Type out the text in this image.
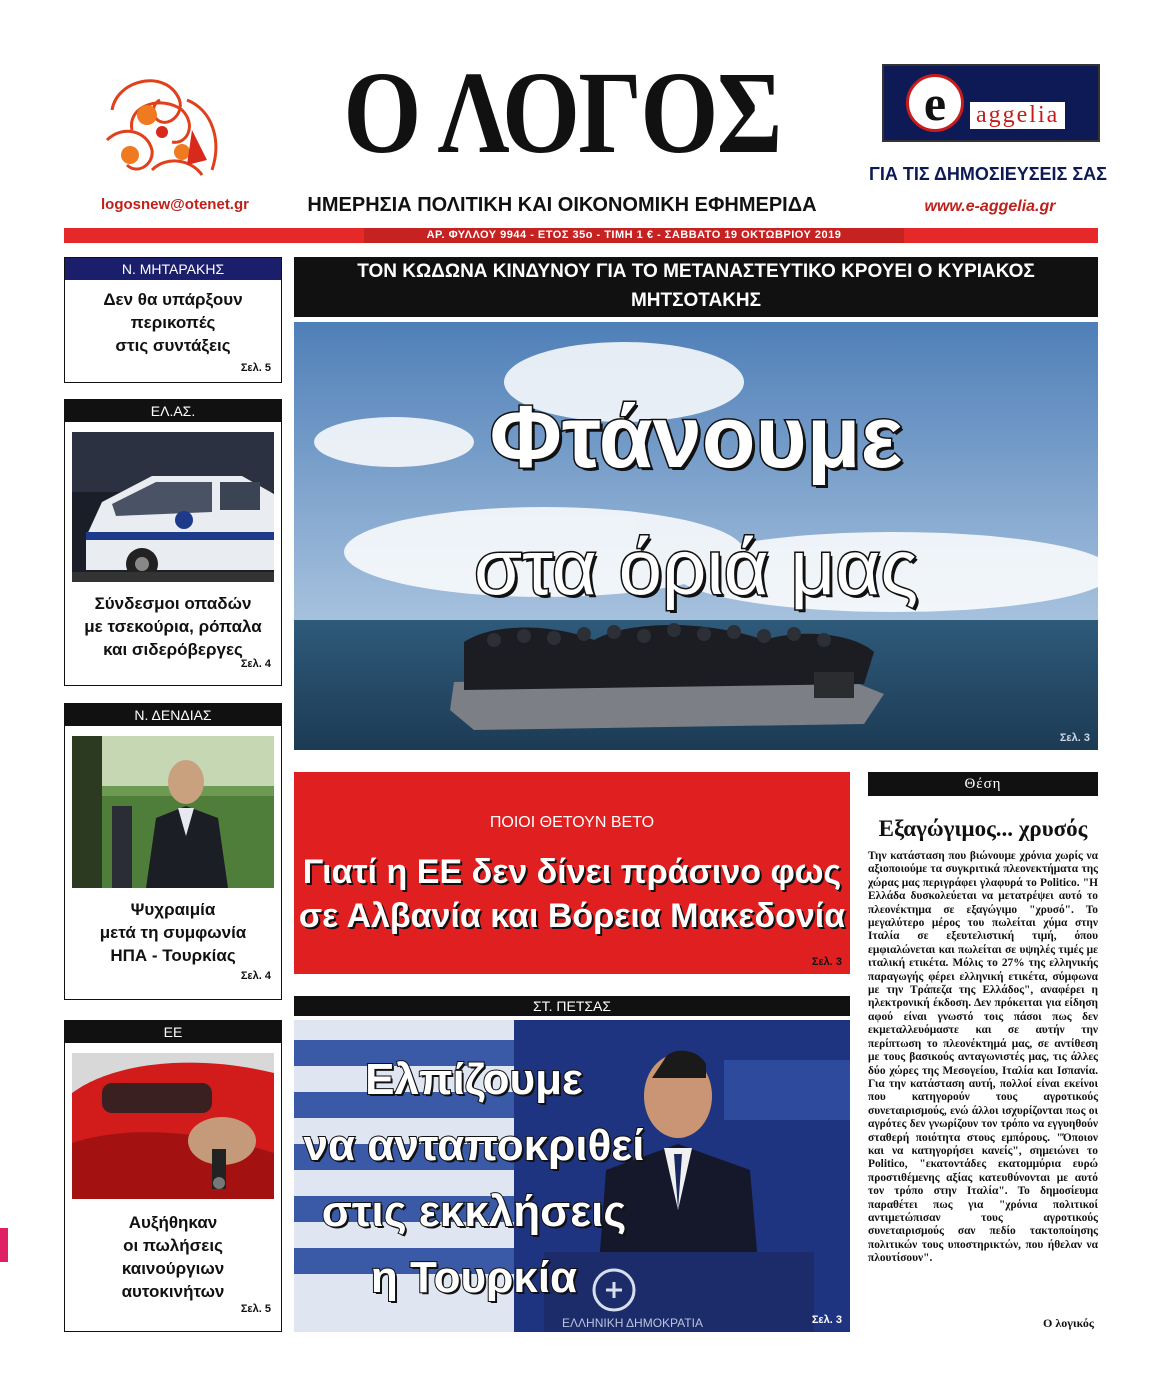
logosnew@otenet.gr
Ο ΛΟΓΟΣ
ΗΜΕΡΗΣΙΑ ΠΟΛΙΤΙΚΗ ΚΑΙ ΟΙΚΟΝΟΜΙΚΗ ΕΦΗΜΕΡΙΔΑ
e	aggelia
ΓΙΑ ΤΙΣ ΔΗΜΟΣΙΕΥΣΕΙΣ ΣΑΣ
www.e-aggelia.gr
ΑΡ. ΦΥΛΛΟΥ 9944 - ΕΤΟΣ 35ο - ΤΙΜΗ 1 € - ΣΑΒΒΑΤΟ 19 ΟΚΤΩΒΡΙΟΥ 2019
Ν. ΜΗΤΑΡΑΚΗΣ
Δεν θα υπάρξουν
περικοπές
στις συντάξεις
Σελ. 5
ΕΛ.ΑΣ.
Σύνδεσμοι οπαδών
με τσεκούρια, ρόπαλα
και σιδερόβεργες
Σελ. 4
Ν. ΔΕΝΔΙΑΣ
Ψυχραιμία
μετά τη συμφωνία
ΗΠΑ - Τουρκίας
Σελ. 4
ΕΕ
Αυξήθηκαν
οι πωλήσεις
καινούργιων
αυτοκινήτων
Σελ. 5
ΤΟΝ ΚΩΔΩΝΑ ΚΙΝΔΥΝΟΥ ΓΙΑ ΤΟ ΜΕΤΑΝΑΣΤΕΥΤΙΚΟ ΚΡΟΥΕΙ Ο ΚΥΡΙΑΚΟΣ ΜΗΤΣΟΤΑΚΗΣ
Φτάνουμε
στα όριά μας
Σελ. 3
ΠΟΙΟΙ ΘΕΤΟΥΝ ΒΕΤΟ
Γιατί η ΕΕ δεν δίνει πράσινο φως
σε Αλβανία και Βόρεια Μακεδονία
Σελ. 3
ΣΤ. ΠΕΤΣΑΣ
Ελπίζουμε
να ανταποκριθεί
στις εκκλήσεις
η Τουρκία
ΕΛΛΗΝΙΚΗ ΔΗΜΟΚΡΑΤΙΑ	Σελ. 3
Θέση
Εξαγώγιμος... χρυσός
Την κατάσταση που βιώνουμε χρόνια χωρίς να αξιοποιούμε τα συγκριτικά πλεονεκτήματα της χώρας μας περιγράφει γλαφυρά το Politico. "Η Ελλάδα δυσκολεύεται να μετατρέψει αυτό το πλεονέκτημα σε εξαγώγιμο "χρυσό". Το μεγαλύτερο μέρος του πωλείται χύμα στην Ιταλία σε εξευτελιστική τιμή, όπου εμφιαλώνεται και πωλείται σε υψηλές τιμές με ιταλική ετικέτα. Μόλις το 27% της ελληνικής παραγωγής φέρει ελληνική ετικέτα, σύμφωνα με την Τράπεζα της Ελλάδος", αναφέρει η ηλεκτρονική έκδοση. Δεν πρόκειται για είδηση αφού είναι γνωστό τοις πάσοι πως δεν εκμεταλλευόμαστε και σε αυτήν την περίπτωση το πλεονέκτημά μας, σε αντίθεση με τους βασικούς ανταγωνιστές μας, τις άλλες δύο χώρες της Μεσογείου, Ιταλία και Ισπανία. Για την κατάσταση αυτή, πολλοί είναι εκείνοι που κατηγορούν τους αγροτικούς συνεταιρισμούς, ενώ άλλοι ισχυρίζονται πως οι αγρότες δεν γνωρίζουν τον τρόπο να εγγυηθούν σταθερή ποιότητα στους εμπόρους. "Όποιον και να κατηγορήσει κανείς", σημειώνει το Politico, "εκατοντάδες εκατομμύρια ευρώ προστιθέμενης αξίας κατευθύνονται με αυτό τον τρόπο στην Ιταλία". Το δημοσίευμα παραθέτει πως για "χρόνια πολιτικοί αντιμετώπισαν τους αγροτικούς συνεταιρισμούς σαν πεδίο τακτοποίησης πολιτικών τους υποστηρικτών, που ήθελαν να πλουτίσουν".
Ο λογικός
